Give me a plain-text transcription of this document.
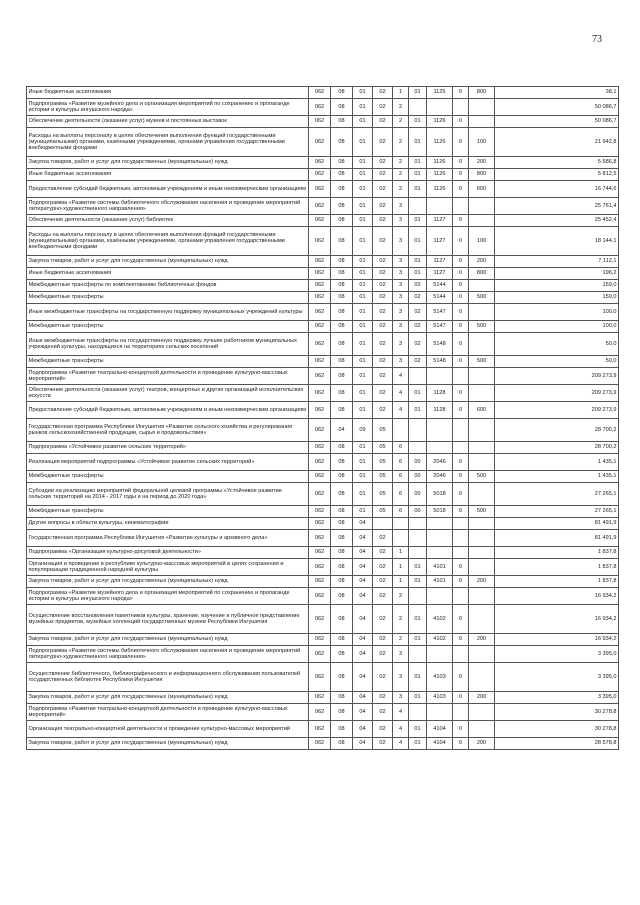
73
Иные бюджетные ассигнования	062	08	01	02	1	01	1125	0	800	38,1
Подпрограмма «Развитие музейного дела и организация мероприятий по сохранению и пропаганде истории и культуры ингушского народа»	062	08	01	02	2					50 086,7
Обеспечение деятельности (оказание услуг) музеев и постоянных выставок	062	08	01	02	2	01	1126	0		50 086,7
Расходы на выплаты персоналу в целях обеспечения выполнения функций государственными (муниципальными) органами, казёнными учреждениями, органами управления государственными внебюджетными фондами	062	08	01	02	2	01	1126	0	100	21 942,8
Закупка товаров, работ и услуг для государственных (муниципальных) нужд	062	08	01	02	2	01	1126	0	200	5 586,8
Иные бюджетные ассигнования	062	08	01	02	2	01	1126	0	800	5 812,5
Предоставление субсидий бюджетным, автономным учреждениям и иным некоммерческим организациям	062	08	01	02	2	01	1126	0	600	16 744,6
Подпрограмма «Развитие системы библиотечного обслуживания населения и проведение мероприятий литературно-художественного направления»	062	08	01	02	3					25 761,4
Обеспечение деятельности (оказание услуг) библиотек	062	08	01	02	3	01	1127	0		25 452,4
Расходы на выплаты персоналу в целях обеспечения выполнения функций государственными (муниципальными) органами, казёнными учреждениями, органами управления государственными внебюджетными фондами	062	08	01	02	3	01	1127	0	100	18 144,1
Закупка товаров, работ и услуг для государственных (муниципальных) нужд	062	08	01	02	3	01	1127	0	200	7 112,1
Иные бюджетные ассигнования	062	08	01	02	3	01	1127	0	800	196,2
Межбюджетные трансферты по комплектованию библиотечных фондов	062	08	01	02	3	02	5144	0		159,0
Межбюджетные трансферты	062	08	01	02	3	02	5144	0	500	159,0
Иные межбюджетные трансферты на государственную поддержку муниципальных учреждений культуры	062	08	01	02	3	02	5147	0		100,0
Межбюджетные трансферты	062	08	01	02	3	02	5147	0	500	100,0
Иные межбюджетные трансферты на государственную поддержку лучших работников муниципальных учреждений культуры, находящихся на территориях сельских поселений	062	08	01	02	3	02	5148	0		50,0
Межбюджетные трансферты	062	08	01	02	3	02	5148	0	500	50,0
Подпрограмма «Развитие театрально-концертной деятельности и проведение культурно-массовых мероприятий»	062	08	01	02	4					209 273,9
Обеспечение деятельности (оказание услуг) театров, концертных и других организаций исполнительских искусств	062	08	01	02	4	01	1128	0		209 273,9
Предоставление субсидий бюджетным, автономным учреждениям и иным некоммерческим организациям	062	08	01	02	4	01	1128	0	600	209 273,9
Государственная программа Республики Ингушетия «Развитие сельского хозяйства и регулирования рынков сельскохозяйственной продукции, сырья и продовольствия»	062	04	09	05						28 700,2
Подпрограмма «Устойчивое развитие сельских территорий»	062	08	01	05	6					28 700,2
Реализация мероприятий подпрограммы «Устойчивое развитие сельских территорий»	062	08	01	05	6	00	2046	0		1 435,1
Межбюджетные трансферты	062	08	01	05	6	00	2046	0	500	1 435,1
Субсидии на реализацию мероприятий федеральной целевой программы «Устойчивое развитие сельских территорий на 2014 - 2017 годы и на период до 2020 года»	062	08	01	05	6	00	5018	0		27 265,1
Межбюджетные трансферты	062	08	01	05	6	00	5018	0	500	27 265,1
Другие вопросы в области культуры, кинематографии	062	08	04							81 491,9
Государственная программа Республики Ингушетия «Развитие культуры и архивного дела»	062	08	04	02						81 491,9
Подпрограмма «Организация культурно-досуговой деятельности»	062	08	04	02	1					1 837,8
Организация и проведение в республике культурно-массовых мероприятий в целях сохранения и популяризации традиционной народной культуры	062	08	04	02	1	01	4101	0		1 837,8
Закупка товаров, работ и услуг для государственных (муниципальных) нужд	062	08	04	02	1	01	4101	0	200	1 837,8
Подпрограмма «Развитие музейного дела и организация мероприятий по сохранению и пропаганде истории и культуры ингушского народа»	062	08	04	02	2					16 934,2
Осуществление восстановления памятников культуры, хранение, изучение и публичное представление музейных предметов, музейных коллекций государственных музеев Республики Ингушетия	062	08	04	02	2	01	4102	0		16 934,2
Закупка товаров, работ и услуг для государственных (муниципальных) нужд	062	08	04	02	2	01	4102	0	200	16 934,2
Подпрограмма «Развитие системы библиотечного обслуживания населения и проведение мероприятий литературно-художественного направления»	062	08	04	02	3					3 395,0
Осуществление библиотечного, библиографического и информационного обслуживания пользователей государственных библиотек Республики Ингушетия	062	08	04	02	3	01	4103	0		3 395,0
Закупка товаров, работ и услуг для государственных (муниципальных) нужд	062	08	04	02	3	01	4103	0	200	3 395,0
Подпрограмма «Развитие театрально-концертной деятельности и проведение культурно-массовых мероприятий»	062	08	04	02	4					30 278,8
Организация театрально-концертной деятельности и проведение культурно-массовых мероприятий	062	08	04	02	4	01	4104	0		30 278,8
Закупка товаров, работ и услуг для государственных (муниципальных) нужд	062	08	04	02	4	01	4104	0	200	28 578,8
